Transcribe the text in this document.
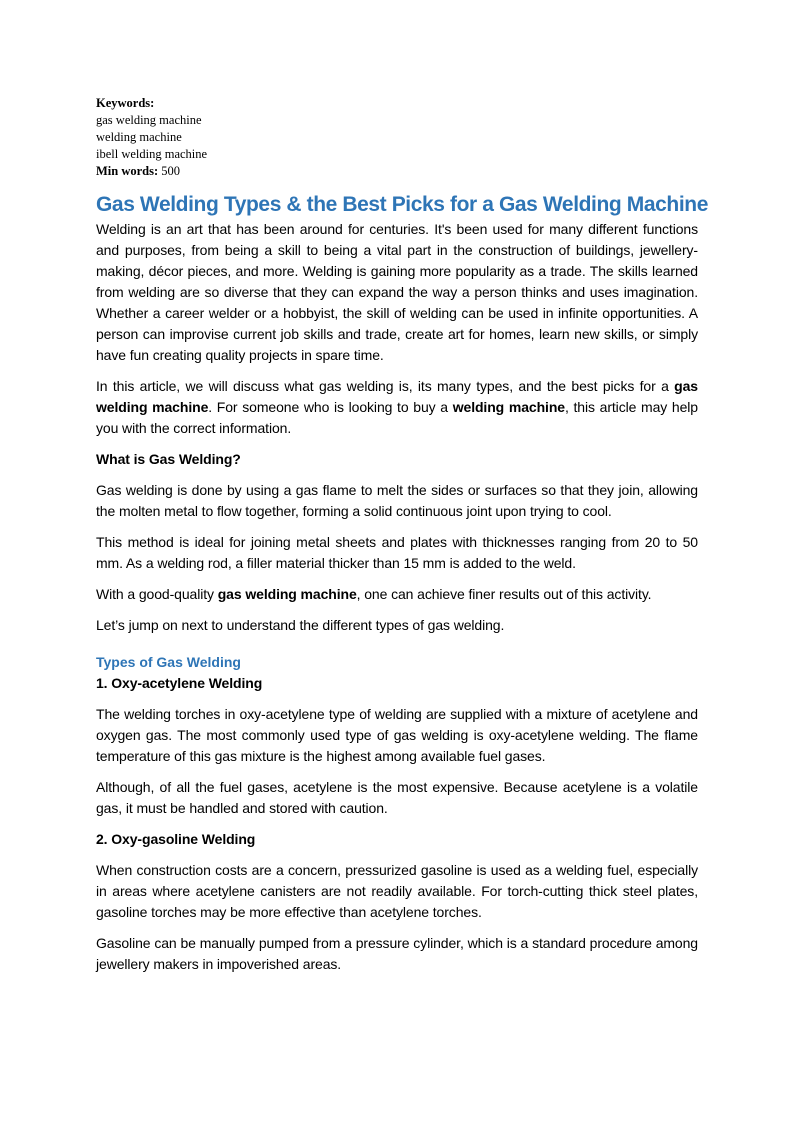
Keywords:
gas welding machine
welding machine
ibell welding machine
Min words: 500
Gas Welding Types & the Best Picks for a Gas Welding Machine

Welding is an art that has been around for centuries. It's been used for many different functions and purposes, from being a skill to being a vital part in the construction of buildings, jewellery-making, décor pieces, and more. Welding is gaining more popularity as a trade. The skills learned from welding are so diverse that they can expand the way a person thinks and uses imagination. Whether a career welder or a hobbyist, the skill of welding can be used in infinite opportunities. A person can improvise current job skills and trade, create art for homes, learn new skills, or simply have fun creating quality projects in spare time.

In this article, we will discuss what gas welding is, its many types, and the best picks for a gas welding machine. For someone who is looking to buy a welding machine, this article may help you with the correct information.

What is Gas Welding?

Gas welding is done by using a gas flame to melt the sides or surfaces so that they join, allowing the molten metal to flow together, forming a solid continuous joint upon trying to cool.

This method is ideal for joining metal sheets and plates with thicknesses ranging from 20 to 50 mm. As a welding rod, a filler material thicker than 15 mm is added to the weld.

With a good-quality gas welding machine, one can achieve finer results out of this activity.

Let’s jump on next to understand the different types of gas welding.

Types of Gas Welding

1. Oxy-acetylene Welding

The welding torches in oxy-acetylene type of welding are supplied with a mixture of acetylene and oxygen gas. The most commonly used type of gas welding is oxy-acetylene welding. The flame temperature of this gas mixture is the highest among available fuel gases.

Although, of all the fuel gases, acetylene is the most expensive. Because acetylene is a volatile gas, it must be handled and stored with caution.

2. Oxy-gasoline Welding

When construction costs are a concern, pressurized gasoline is used as a welding fuel, especially in areas where acetylene canisters are not readily available. For torch-cutting thick steel plates, gasoline torches may be more effective than acetylene torches.

Gasoline can be manually pumped from a pressure cylinder, which is a standard procedure among jewellery makers in impoverished areas.
